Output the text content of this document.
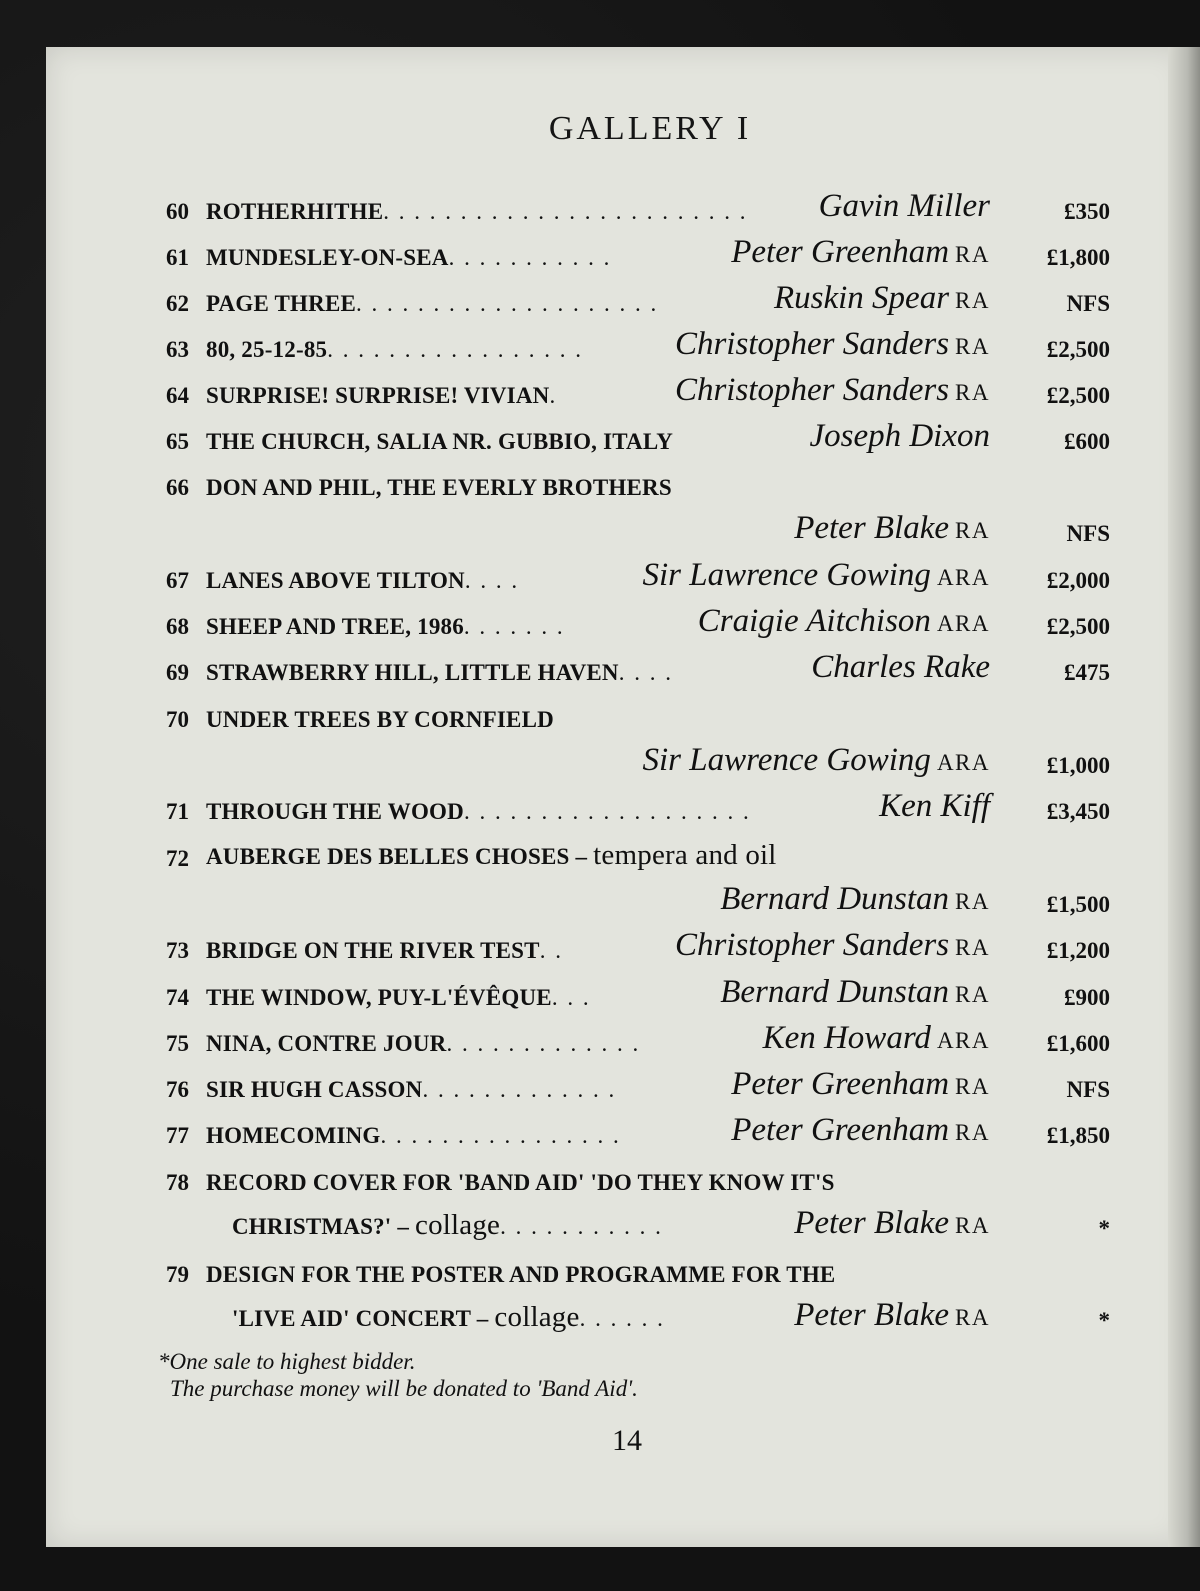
GALLERY I
60 ROTHERHITHE. . . . . . . . . . . . . . . . . . . . . . . . Gavin Miller	£350
61 MUNDESLEY-ON-SEA. . . . . . . . . . .	Peter Greenham RA £1,800
62 PAGE THREE. . . . . . . . . . . . . . . . . . . .	Ruskin Spear RA	NFS
63 80, 25-12-85. . . . . . . . . . . . . . . . .	Christopher Sanders RA £2,500
64 SURPRISE! SURPRISE! VIVIAN.	Christopher Sanders RA £2,500
65 THE CHURCH, SALIA NR. GUBBIO, ITALY	Joseph Dixon	£600
66 DON AND PHIL, THE EVERLY BROTHERS
Peter Blake RA	NFS
67 LANES ABOVE TILTON. . . .	Sir Lawrence Gowing ARA £2,000
68 SHEEP AND TREE, 1986. . . . . . .	Craigie Aitchison ARA £2,500
69 STRAWBERRY HILL, LITTLE HAVEN. . . .	Charles Rake	£475
70 UNDER TREES BY CORNFIELD
Sir Lawrence Gowing ARA £1,000
71 THROUGH THE WOOD. . . . . . . . . . . . . . . . . . .	Ken Kiff £3,450
72 AUBERGE DES BELLES CHOSES – tempera and oil
Bernard Dunstan RA £1,500
73 BRIDGE ON THE RIVER TEST. .	Christopher Sanders RA £1,200
74 THE WINDOW, PUY-L'ÉVÊQUE. . .	Bernard Dunstan RA	£900
75 NINA, CONTRE JOUR. . . . . . . . . . . . .	Ken Howard ARA £1,600
76 SIR HUGH CASSON. . . . . . . . . . . . .	Peter Greenham RA	NFS
77 HOMECOMING. . . . . . . . . . . . . . . .	Peter Greenham RA £1,850
78 RECORD COVER FOR 'BAND AID' 'DO THEY KNOW IT'S
CHRISTMAS?' – collage. . . . . . . . . . .	Peter Blake RA	*
79 DESIGN FOR THE POSTER AND PROGRAMME FOR THE
'LIVE AID' CONCERT – collage. . . . . .	Peter Blake RA	*
*One sale to highest bidder.
The purchase money will be donated to 'Band Aid'.
14
